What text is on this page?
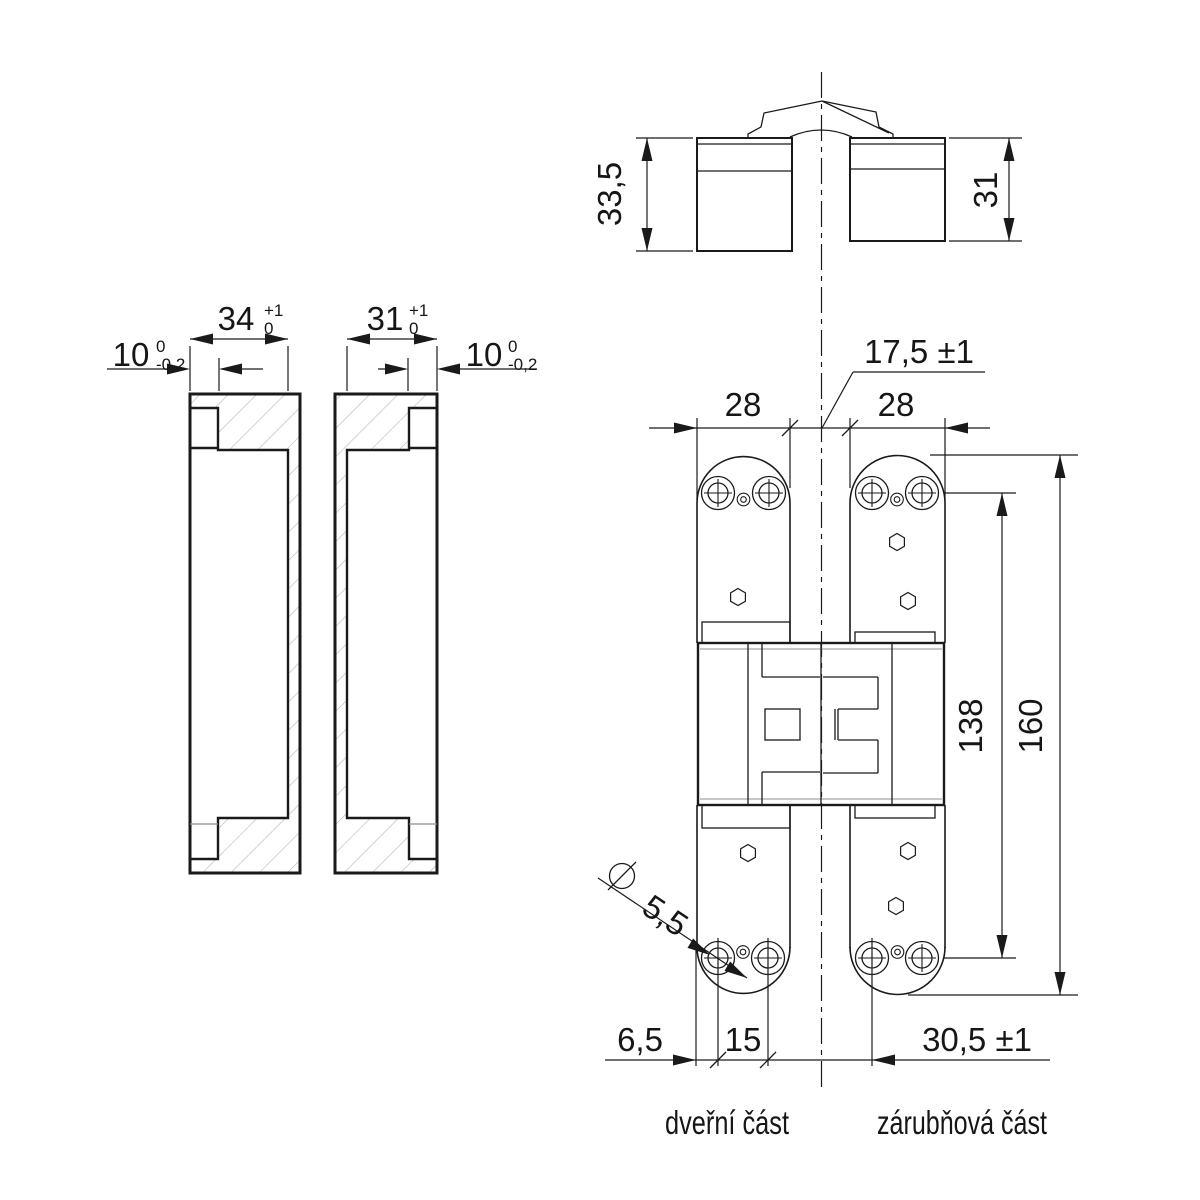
33,5	31
34 +1
0
10 0
-0,2
31 +1
0
10 0
-0,2
28	28
17,5 ±1
138 160
6,5 15	30,5 ±1
5,5
dveřní část	zárubňová část
